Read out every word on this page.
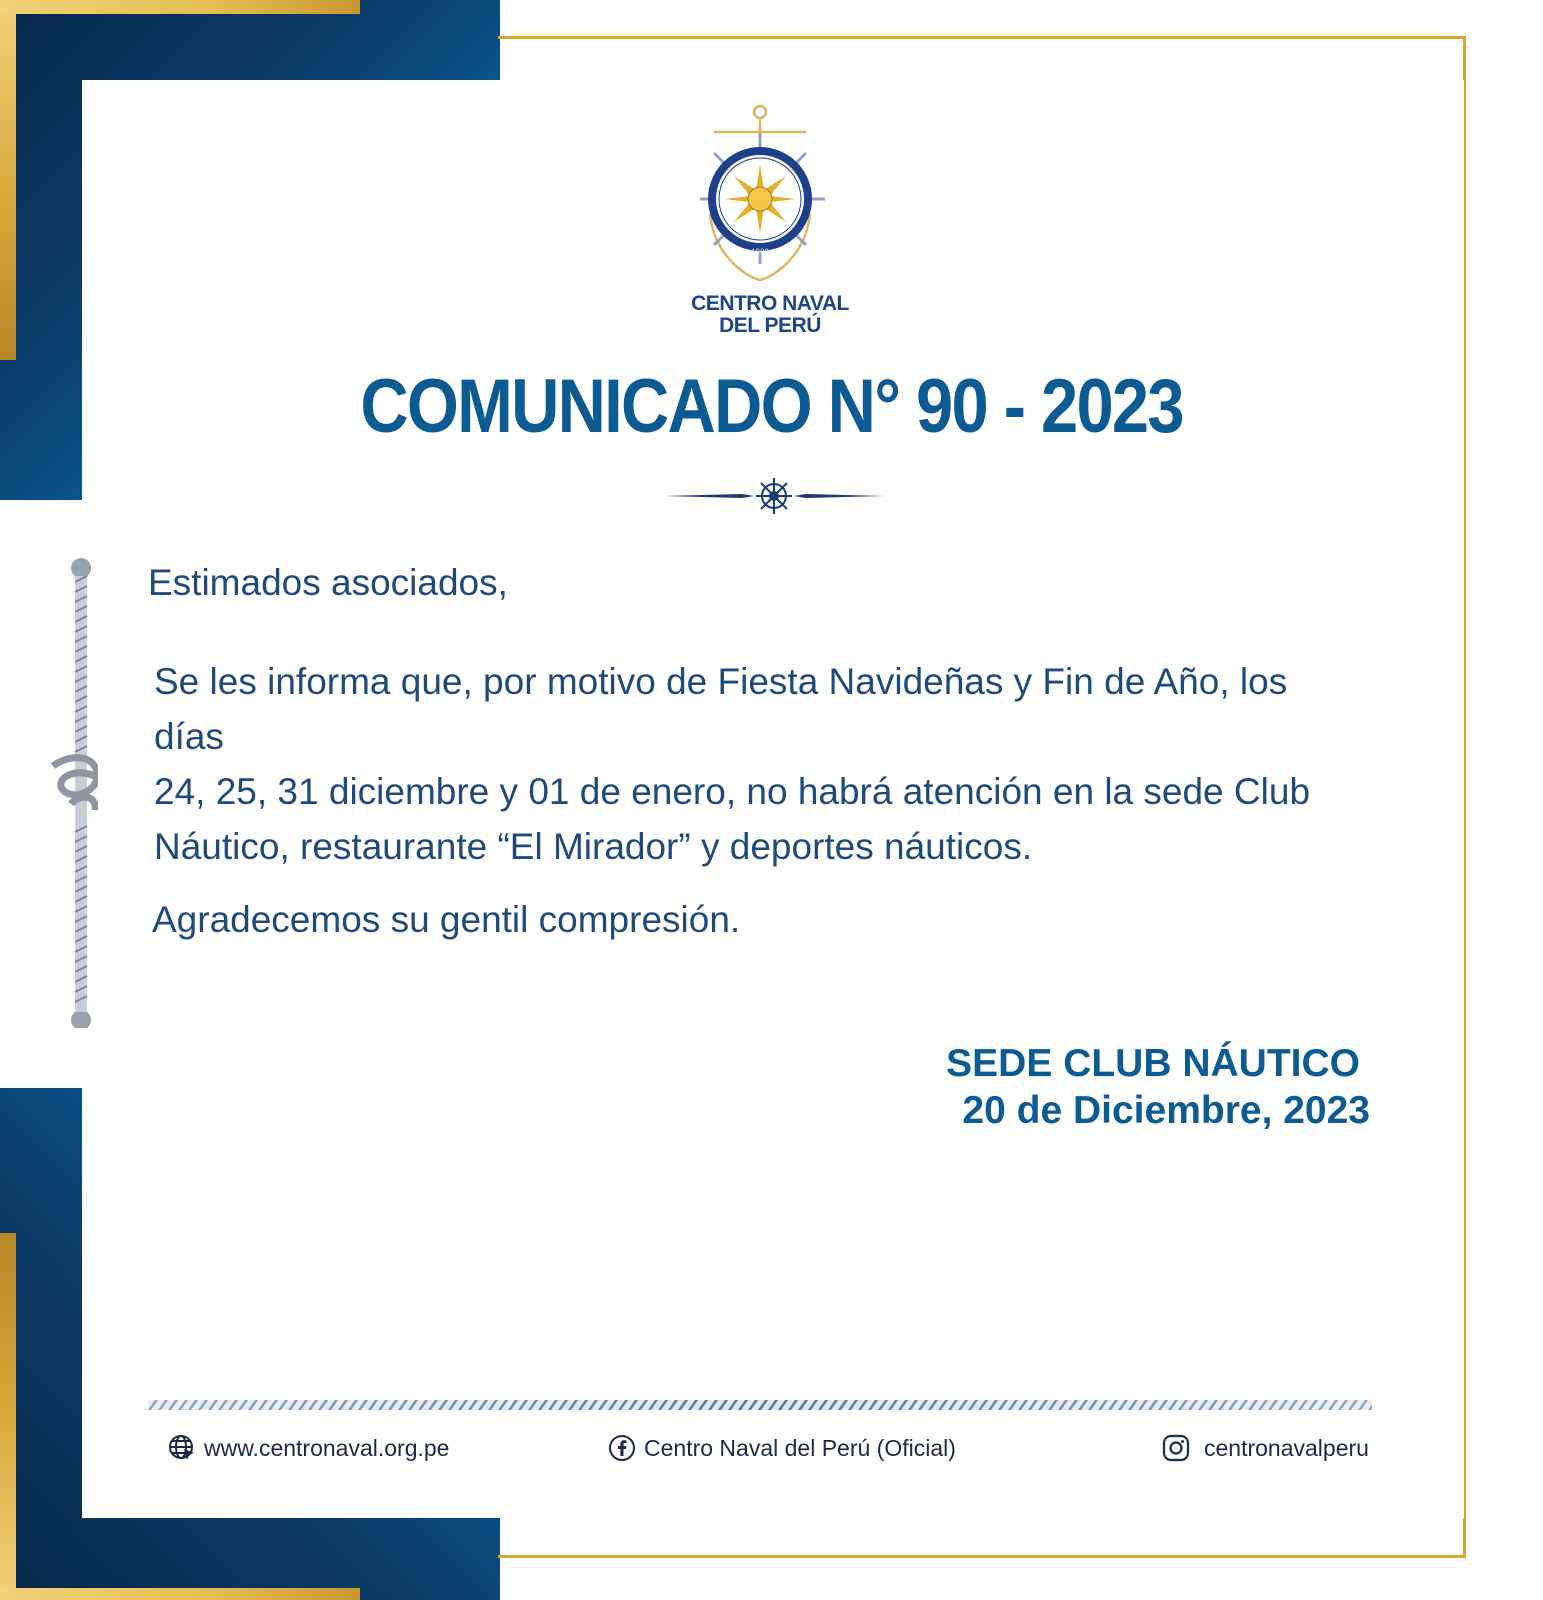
1900
CENTRO NAVAL
DEL PERÚ
COMUNICADO N° 90 - 2023
Estimados asociados,
Se les informa que, por motivo de Fiesta Navideñas y Fin de Año, los días
24, 25, 31 diciembre y 01 de enero, no habrá atención en la sede Club
Náutico, restaurante “El Mirador” y deportes náuticos.
Agradecemos su gentil compresión.
SEDE CLUB NÁUTICO
20 de Diciembre, 2023
www.centronaval.org.pe	Centro Naval del Perú (Oficial)	centronavalperu
